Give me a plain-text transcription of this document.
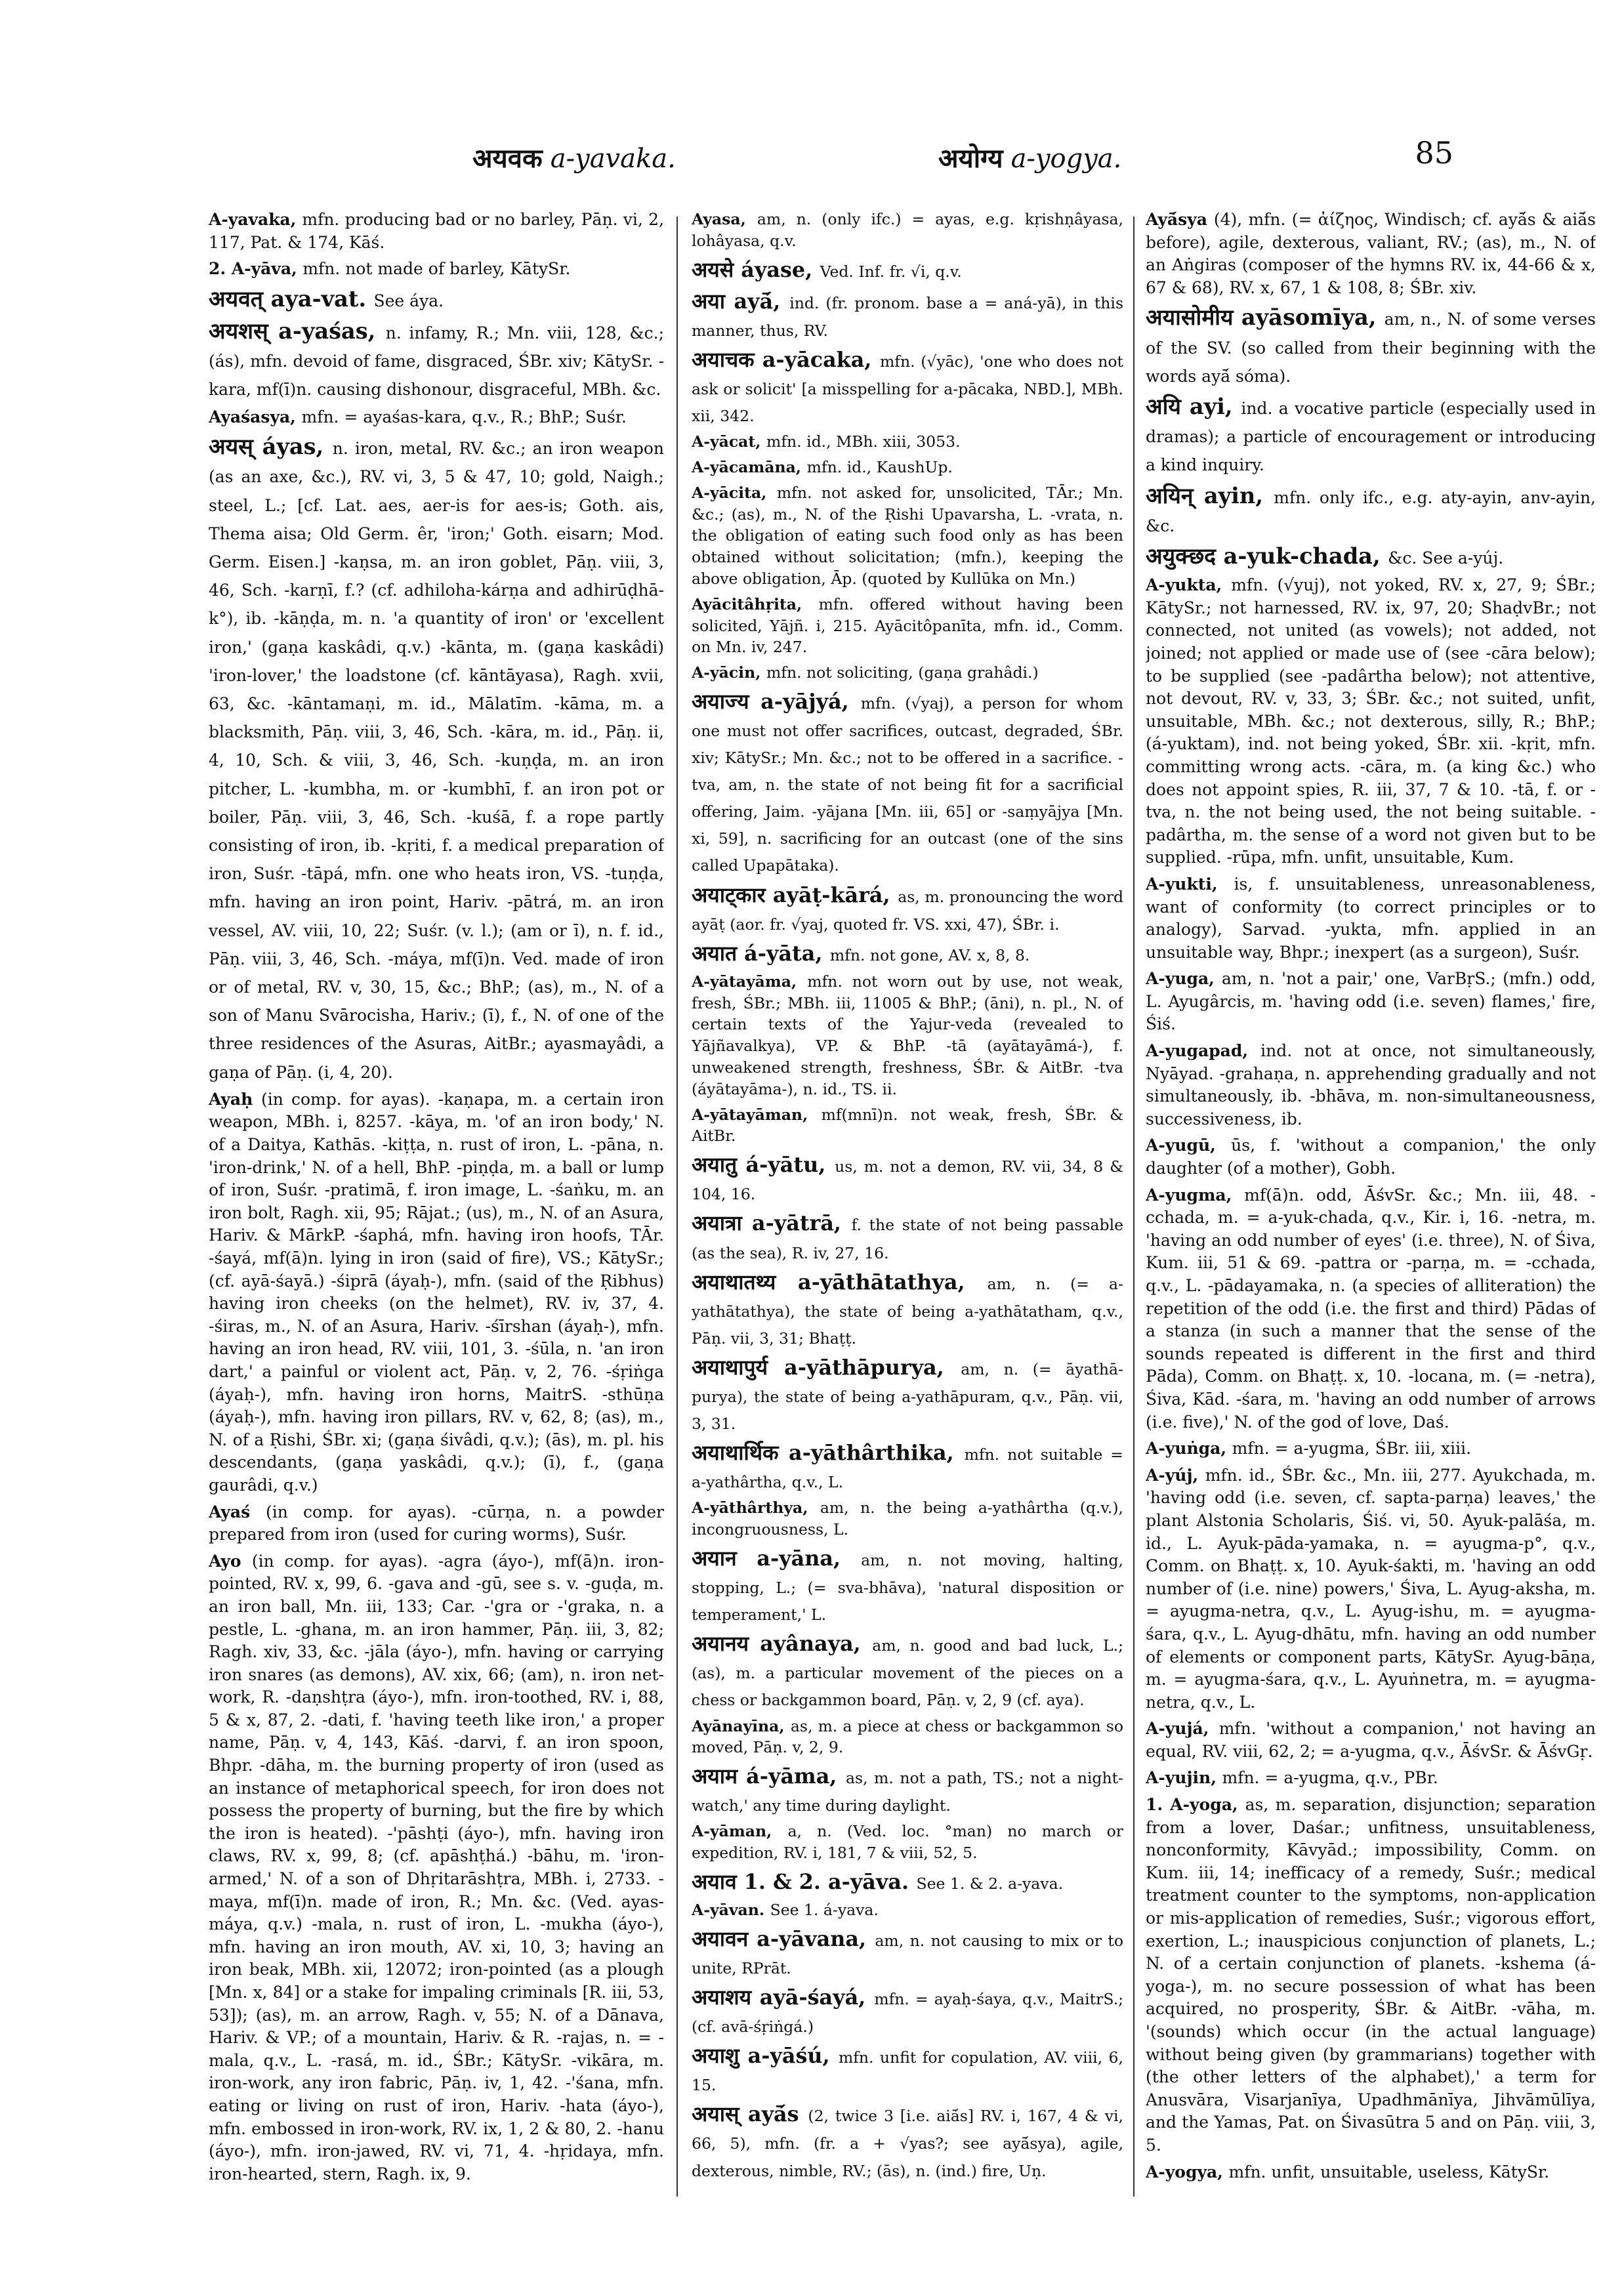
अयवक a-yavaka.	अयोग्य a-yogya.	85

A-yavaka, mfn. producing bad or no barley, Pāṇ. vi, 2, 117, Pat. & 174, Kāś.

2. A-yāva, mfn. not made of barley, KātySr.

अयवत् aya-vat. See áya.

अयशस् a-yaśas, n. infamy, R.; Mn. viii, 128, &c.; (ás), mfn. devoid of fame, disgraced, ŚBr. xiv; KātySr. -kara, mf(ī)n. causing dishonour, disgraceful, MBh. &c.

Ayaśasya, mfn. = ayaśas-kara, q.v., R.; BhP.; Suśr.

अयस् áyas, n. iron, metal, RV. &c.; an iron weapon (as an axe, &c.), RV. vi, 3, 5 & 47, 10; gold, Naigh.; steel, L.; [cf. Lat. aes, aer-is for aes-is; Goth. ais, Thema aisa; Old Germ. êr, 'iron;' Goth. eisarn; Mod. Germ. Eisen.] -kaṇsa, m. an iron goblet, Pāṇ. viii, 3, 46, Sch. -karṇī, f.? (cf. adhiloha-kárṇa and adhirūḍhā-k°), ib. -kāṇḍa, m. n. 'a quantity of iron' or 'excellent iron,' (gaṇa kaskâdi, q.v.) -kānta, m. (gaṇa kaskâdi) 'iron-lover,' the loadstone (cf. kāntāyasa), Ragh. xvii, 63, &c. -kāntamaṇi, m. id., Mālatīm. -kāma, m. a blacksmith, Pāṇ. viii, 3, 46, Sch. -kāra, m. id., Pāṇ. ii, 4, 10, Sch. & viii, 3, 46, Sch. -kuṇḍa, m. an iron pitcher, L. -kumbha, m. or -kumbhī, f. an iron pot or boiler, Pāṇ. viii, 3, 46, Sch. -kuśā, f. a rope partly consisting of iron, ib. -kṛiti, f. a medical preparation of iron, Suśr. -tāpá, mfn. one who heats iron, VS. -tuṇḍa, mfn. having an iron point, Hariv. -pātrá, m. an iron vessel, AV. viii, 10, 22; Suśr. (v. l.); (am or ī), n. f. id., Pāṇ. viii, 3, 46, Sch. -máya, mf(ī)n. Ved. made of iron or of metal, RV. v, 30, 15, &c.; BhP.; (as), m., N. of a son of Manu Svārocisha, Hariv.; (ī), f., N. of one of the three residences of the Asuras, AitBr.; ayasmayâdi, a gaṇa of Pāṇ. (i, 4, 20).

Ayaḥ (in comp. for ayas). -kaṇapa, m. a certain iron weapon, MBh. i, 8257. -kāya, m. 'of an iron body,' N. of a Daitya, Kathās. -kiṭṭa, n. rust of iron, L. -pāna, n. 'iron-drink,' N. of a hell, BhP. -piṇḍa, m. a ball or lump of iron, Suśr. -pratimā, f. iron image, L. -śaṅku, m. an iron bolt, Ragh. xii, 95; Rājat.; (us), m., N. of an Asura, Hariv. & MārkP. -śaphá, mfn. having iron hoofs, TĀr. -śayá, mf(ā)n. lying in iron (said of fire), VS.; KātySr.; (cf. ayā-śayā.) -śiprā (áyaḥ-), mfn. (said of the Ṛibhus) having iron cheeks (on the helmet), RV. iv, 37, 4. -śiras, m., N. of an Asura, Hariv. -śīrshan (áyaḥ-), mfn. having an iron head, RV. viii, 101, 3. -śūla, n. 'an iron dart,' a painful or violent act, Pāṇ. v, 2, 76. -śṛiṅga (áyaḥ-), mfn. having iron horns, MaitrS. -sthūṇa (áyaḥ-), mfn. having iron pillars, RV. v, 62, 8; (as), m., N. of a Ṛishi, ŚBr. xi; (gaṇa śivâdi, q.v.); (ās), m. pl. his descendants, (gaṇa yaskâdi, q.v.); (ī), f., (gaṇa gaurâdi, q.v.)

Ayaś (in comp. for ayas). -cūrṇa, n. a powder prepared from iron (used for curing worms), Suśr.

Ayo (in comp. for ayas). -agra (áyo-), mf(ā)n. iron-pointed, RV. x, 99, 6. -gava and -gū, see s. v. -guḍa, m. an iron ball, Mn. iii, 133; Car. -'gra or -'graka, n. a pestle, L. -ghana, m. an iron hammer, Pāṇ. iii, 3, 82; Ragh. xiv, 33, &c. -jāla (áyo-), mfn. having or carrying iron snares (as demons), AV. xix, 66; (am), n. iron net-work, R. -daṇshṭra (áyo-), mfn. iron-toothed, RV. i, 88, 5 & x, 87, 2. -dati, f. 'having teeth like iron,' a proper name, Pāṇ. v, 4, 143, Kāś. -darvi, f. an iron spoon, Bhpr. -dāha, m. the burning property of iron (used as an instance of metaphorical speech, for iron does not possess the property of burning, but the fire by which the iron is heated). -'pāshṭi (áyo-), mfn. having iron claws, RV. x, 99, 8; (cf. apāshṭhá.) -bāhu, m. 'iron-armed,' N. of a son of Dhṛitarāshṭra, MBh. i, 2733. -maya, mf(ī)n. made of iron, R.; Mn. &c. (Ved. ayas-máya, q.v.) -mala, n. rust of iron, L. -mukha (áyo-), mfn. having an iron mouth, AV. xi, 10, 3; having an iron beak, MBh. xii, 12072; iron-pointed (as a plough [Mn. x, 84] or a stake for impaling criminals [R. iii, 53, 53]); (as), m. an arrow, Ragh. v, 55; N. of a Dānava, Hariv. & VP.; of a mountain, Hariv. & R. -rajas, n. = -mala, q.v., L. -rasá, m. id., ŚBr.; KātySr. -vikāra, m. iron-work, any iron fabric, Pāṇ. iv, 1, 42. -'śana, mfn. eating or living on rust of iron, Hariv. -hata (áyo-), mfn. embossed in iron-work, RV. ix, 1, 2 & 80, 2. -hanu (áyo-), mfn. iron-jawed, RV. vi, 71, 4. -hṛidaya, mfn. iron-hearted, stern, Ragh. ix, 9.

Ayasa, am, n. (only ifc.) = ayas, e.g. kṛishṇâyasa, lohâyasa, q.v.

अयसे áyase, Ved. Inf. fr. √i, q.v.

अया ayā́, ind. (fr. pronom. base a = aná-yā), in this manner, thus, RV.

अयाचक a-yācaka, mfn. (√yāc), 'one who does not ask or solicit' [a misspelling for a-pācaka, NBD.], MBh. xii, 342.

A-yācat, mfn. id., MBh. xiii, 3053.

A-yācamāna, mfn. id., KaushUp.

A-yācita, mfn. not asked for, unsolicited, TĀr.; Mn. &c.; (as), m., N. of the Ṛishi Upavarsha, L. -vrata, n. the obligation of eating such food only as has been obtained without solicitation; (mfn.), keeping the above obligation, Āp. (quoted by Kullūka on Mn.)

Ayācitâhṛita, mfn. offered without having been solicited, Yājñ. i, 215. Ayācitôpanīta, mfn. id., Comm. on Mn. iv, 247.

A-yācin, mfn. not soliciting, (gaṇa grahâdi.)

अयाज्य a-yājyá, mfn. (√yaj), a person for whom one must not offer sacrifices, outcast, degraded, ŚBr. xiv; KātySr.; Mn. &c.; not to be offered in a sacrifice. -tva, am, n. the state of not being fit for a sacrificial offering, Jaim. -yājana [Mn. iii, 65] or -saṃyājya [Mn. xi, 59], n. sacrificing for an outcast (one of the sins called Upapātaka).

अयाट्कार ayāṭ-kārá, as, m. pronouncing the word ayāṭ (aor. fr. √yaj, quoted fr. VS. xxi, 47), ŚBr. i.

अयात á-yāta, mfn. not gone, AV. x, 8, 8.

A-yātayāma, mfn. not worn out by use, not weak, fresh, ŚBr.; MBh. iii, 11005 & BhP.; (āni), n. pl., N. of certain texts of the Yajur-veda (revealed to Yājñavalkya), VP. & BhP. -tā (ayātayāmá-), f. unweakened strength, freshness, ŚBr. & AitBr. -tva (áyātayāma-), n. id., TS. ii.

A-yātayāman, mf(mnī)n. not weak, fresh, ŚBr. & AitBr.

अयातु á-yātu, us, m. not a demon, RV. vii, 34, 8 & 104, 16.

अयात्रा a-yātrā, f. the state of not being passable (as the sea), R. iv, 27, 16.

अयाथातथ्य a-yāthātathya, am, n. (= a-yathātathya), the state of being a-yathātatham, q.v., Pāṇ. vii, 3, 31; Bhaṭṭ.

अयाथापुर्य a-yāthāpurya, am, n. (= āyathā-purya), the state of being a-yathāpuram, q.v., Pāṇ. vii, 3, 31.

अयाथार्थिक a-yāthârthika, mfn. not suitable = a-yathârtha, q.v., L.

A-yāthârthya, am, n. the being a-yathârtha (q.v.), incongruousness, L.

अयान a-yāna, am, n. not moving, halting, stopping, L.; (= sva-bhāva), 'natural disposition or temperament,' L.

अयानय ayânaya, am, n. good and bad luck, L.; (as), m. a particular movement of the pieces on a chess or backgammon board, Pāṇ. v, 2, 9 (cf. aya).

Ayānayīna, as, m. a piece at chess or backgammon so moved, Pāṇ. v, 2, 9.

अयाम á-yāma, as, m. not a path, TS.; not a night-watch,' any time during daylight.

A-yāman, a, n. (Ved. loc. °man) no march or expedition, RV. i, 181, 7 & viii, 52, 5.

अयाव 1. & 2. a-yāva. See 1. & 2. a-yava.

A-yāvan. See 1. á-yava.

अयावन a-yāvana, am, n. not causing to mix or to unite, RPrāt.

अयाशय ayā-śayá, mfn. = ayaḥ-śaya, q.v., MaitrS.; (cf. avā-śṛiṅgá.)

अयाशु a-yāśú, mfn. unfit for copulation, AV. viii, 6, 15.

अयास् ayā́s (2, twice 3 [i.e. aiā́s] RV. i, 167, 4 & vi, 66, 5), mfn. (fr. a + √yas?; see ayā́sya), agile, dexterous, nimble, RV.; (ās), n. (ind.) fire, Uṇ.

Ayā́sya (4), mfn. (= ἀίζηος, Windisch; cf. ayā́s & aiā́s before), agile, dexterous, valiant, RV.; (as), m., N. of an Aṅgiras (composer of the hymns RV. ix, 44-66 & x, 67 & 68), RV. x, 67, 1 & 108, 8; ŚBr. xiv.

अयासोमीय ayāsomīya, am, n., N. of some verses of the SV. (so called from their beginning with the words ayā́ sóma).

अयि ayi, ind. a vocative particle (especially used in dramas); a particle of encouragement or introducing a kind inquiry.

अयिन् ayin, mfn. only ifc., e.g. aty-ayin, anv-ayin, &c.

अयुक्छद a-yuk-chada, &c. See a-yúj.

A-yukta, mfn. (√yuj), not yoked, RV. x, 27, 9; ŚBr.; KātySr.; not harnessed, RV. ix, 97, 20; ShaḍvBr.; not connected, not united (as vowels); not added, not joined; not applied or made use of (see -cāra below); to be supplied (see -padârtha below); not attentive, not devout, RV. v, 33, 3; ŚBr. &c.; not suited, unfit, unsuitable, MBh. &c.; not dexterous, silly, R.; BhP.; (á-yuktam), ind. not being yoked, ŚBr. xii. -kṛit, mfn. committing wrong acts. -cāra, m. (a king &c.) who does not appoint spies, R. iii, 37, 7 & 10. -tā, f. or -tva, n. the not being used, the not being suitable. -padârtha, m. the sense of a word not given but to be supplied. -rūpa, mfn. unfit, unsuitable, Kum.

A-yukti, is, f. unsuitableness, unreasonableness, want of conformity (to correct principles or to analogy), Sarvad. -yukta, mfn. applied in an unsuitable way, Bhpr.; inexpert (as a surgeon), Suśr.

A-yuga, am, n. 'not a pair,' one, VarBṛS.; (mfn.) odd, L. Ayugârcis, m. 'having odd (i.e. seven) flames,' fire, Śiś.

A-yugapad, ind. not at once, not simultaneously, Nyāyad. -grahaṇa, n. apprehending gradually and not simultaneously, ib. -bhāva, m. non-simultaneousness, successiveness, ib.

A-yugū, ūs, f. 'without a companion,' the only daughter (of a mother), Gobh.

A-yugma, mf(ā)n. odd, ĀśvSr. &c.; Mn. iii, 48. -cchada, m. = a-yuk-chada, q.v., Kir. i, 16. -netra, m. 'having an odd number of eyes' (i.e. three), N. of Śiva, Kum. iii, 51 & 69. -pattra or -parṇa, m. = -cchada, q.v., L. -pādayamaka, n. (a species of alliteration) the repetition of the odd (i.e. the first and third) Pādas of a stanza (in such a manner that the sense of the sounds repeated is different in the first and third Pāda), Comm. on Bhaṭṭ. x, 10. -locana, m. (= -netra), Śiva, Kād. -śara, m. 'having an odd number of arrows (i.e. five),' N. of the god of love, Daś.

A-yuṅga, mfn. = a-yugma, ŚBr. iii, xiii.

A-yúj, mfn. id., ŚBr. &c., Mn. iii, 277. Ayukchada, m. 'having odd (i.e. seven, cf. sapta-parṇa) leaves,' the plant Alstonia Scholaris, Śiś. vi, 50. Ayuk-palāśa, m. id., L. Ayuk-pāda-yamaka, n. = ayugma-p°, q.v., Comm. on Bhaṭṭ. x, 10. Ayuk-śakti, m. 'having an odd number of (i.e. nine) powers,' Śiva, L. Ayug-aksha, m. = ayugma-netra, q.v., L. Ayug-ishu, m. = ayugma-śara, q.v., L. Ayug-dhātu, mfn. having an odd number of elements or component parts, KātySr. Ayug-bāṇa, m. = ayugma-śara, q.v., L. Ayuṅnetra, m. = ayugma-netra, q.v., L.

A-yujá, mfn. 'without a companion,' not having an equal, RV. viii, 62, 2; = a-yugma, q.v., ĀśvSr. & ĀśvGṛ.

A-yujin, mfn. = a-yugma, q.v., PBr.

1. A-yoga, as, m. separation, disjunction; separation from a lover, Daśar.; unfitness, unsuitableness, nonconformity, Kāvyād.; impossibility, Comm. on Kum. iii, 14; inefficacy of a remedy, Suśr.; medical treatment counter to the symptoms, non-application or mis-application of remedies, Suśr.; vigorous effort, exertion, L.; inauspicious conjunction of planets, L.; N. of a certain conjunction of planets. -kshema (á-yoga-), m. no secure possession of what has been acquired, no prosperity, ŚBr. & AitBr. -vāha, m. '(sounds) which occur (in the actual language) without being given (by grammarians) together with (the other letters of the alphabet),' a term for Anusvāra, Visarjanīya, Upadhmānīya, Jihvāmūlīya, and the Yamas, Pat. on Śivasūtra 5 and on Pāṇ. viii, 3, 5.

A-yogya, mfn. unfit, unsuitable, useless, KātySr.
